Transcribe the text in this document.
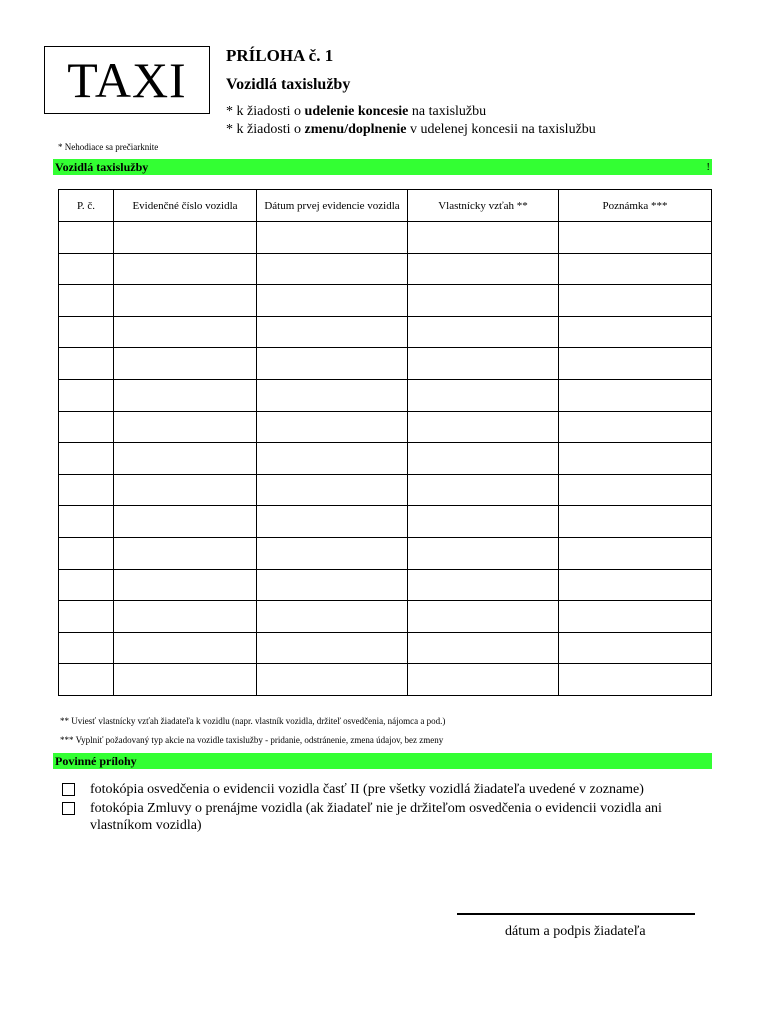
TAXI	PRÍLOHA č. 1
Vozidlá taxislužby
* k žiadosti o udelenie koncesie na taxislužbu
* k žiadosti o zmenu/doplnenie v udelenej koncesii na taxislužbu
* Nehodiace sa prečiarknite
Vozidlá taxislužby	!
P. č.	Evidenčné číslo vozidla	Dátum prvej evidencie vozidla	Vlastnícky vzťah **	Poznámka ***

** Uviesť vlastnícky vzťah žiadateľa k vozidlu (napr. vlastník vozidla, držiteľ osvedčenia, nájomca a pod.)
*** Vyplniť požadovaný typ akcie na vozidle taxislužby - pridanie, odstránenie, zmena údajov, bez zmeny
Povinné prílohy
fotokópia osvedčenia o evidencii vozidla časť II (pre všetky vozidlá žiadateľa uvedené v zozname)
fotokópia Zmluvy o prenájme vozidla (ak žiadateľ nie je držiteľom osvedčenia o evidencii vozidla ani vlastníkom vozidla)
dátum a podpis žiadateľa
